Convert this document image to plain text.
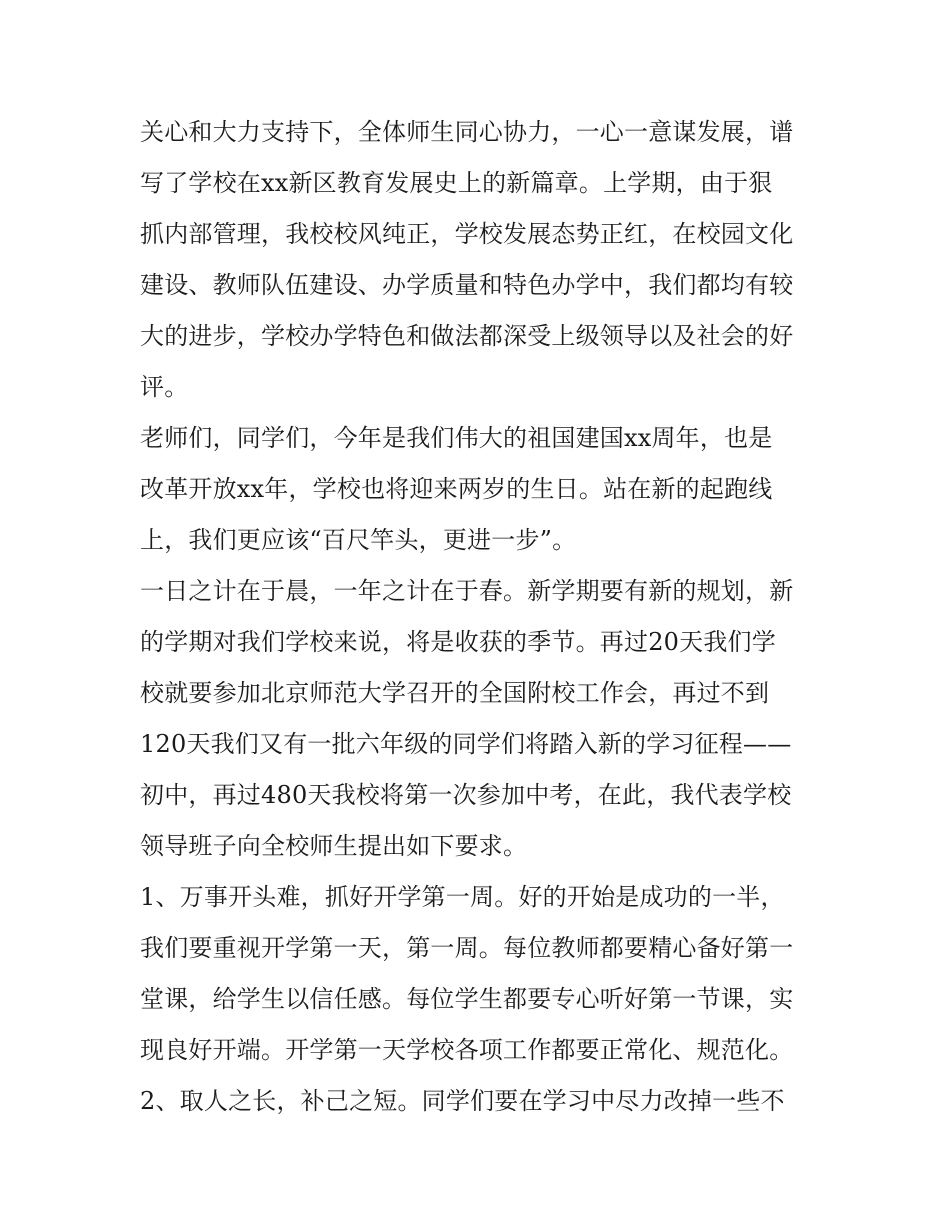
关心和大力支持下，全体师生同心协力，一心一意谋发展，谱
写了学校在xx新区教育发展史上的新篇章。上学期，由于狠
抓内部管理，我校校风纯正，学校发展态势正红，在校园文化
建设、教师队伍建设、办学质量和特色办学中，我们都均有较
大的进步，学校办学特色和做法都深受上级领导以及社会的好
评。
老师们，同学们，今年是我们伟大的祖国建国xx周年，也是
改革开放xx年，学校也将迎来两岁的生日。站在新的起跑线
上，我们更应该“百尺竿头，更进一步”。
一日之计在于晨，一年之计在于春。新学期要有新的规划，新
的学期对我们学校来说，将是收获的季节。再过20天我们学
校就要参加北京师范大学召开的全国附校工作会，再过不到
120天我们又有一批六年级的同学们将踏入新的学习征程——
初中，再过480天我校将第一次参加中考，在此，我代表学校
领导班子向全校师生提出如下要求。
1、万事开头难，抓好开学第一周。好的开始是成功的一半，
我们要重视开学第一天，第一周。每位教师都要精心备好第一
堂课，给学生以信任感。每位学生都要专心听好第一节课，实
现良好开端。开学第一天学校各项工作都要正常化、规范化。
2、取人之长，补己之短。同学们要在学习中尽力改掉一些不
